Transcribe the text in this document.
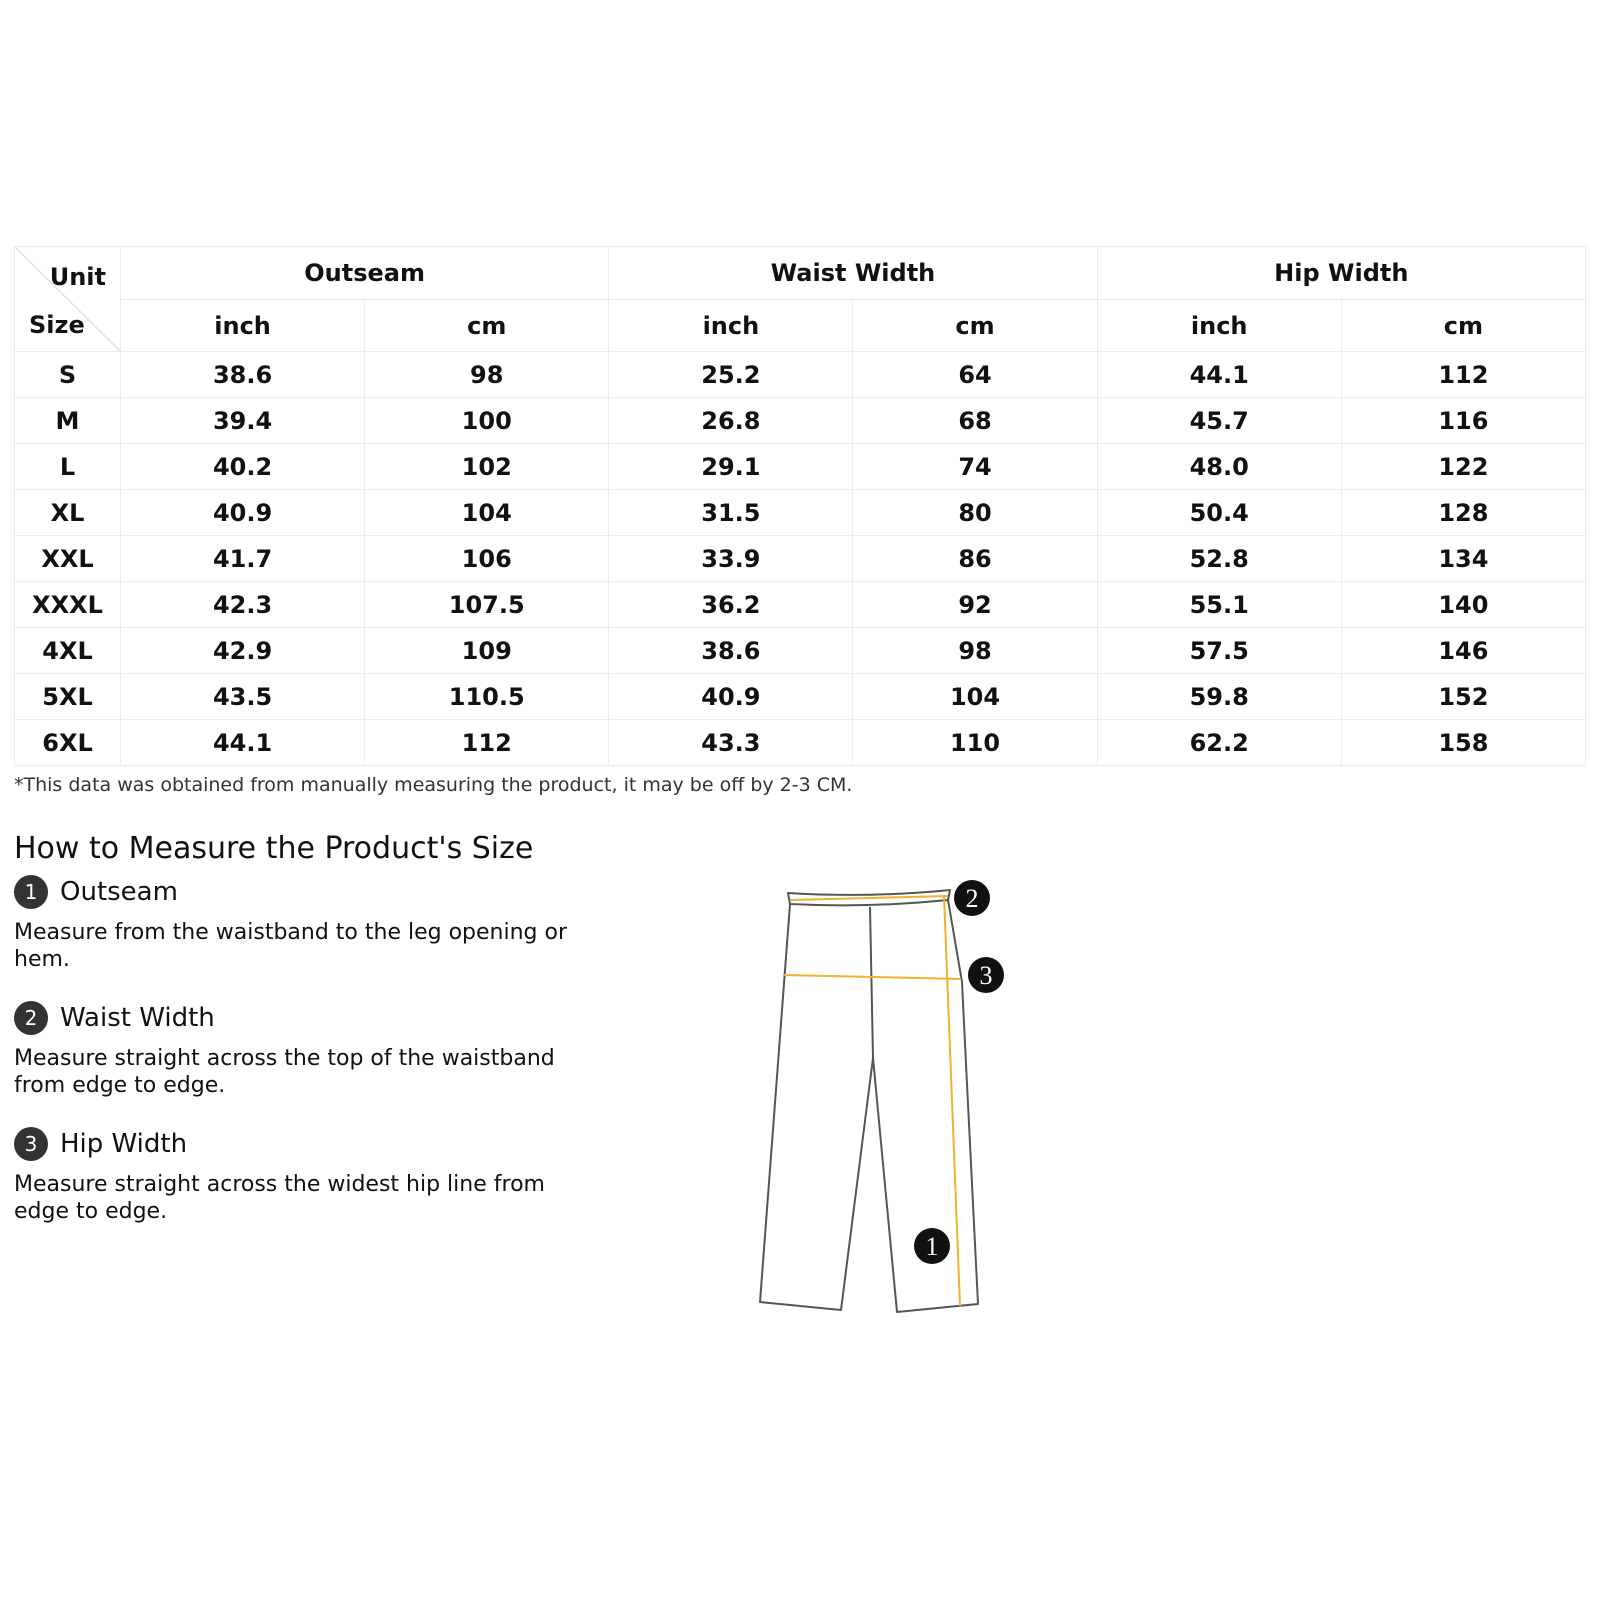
Unit
Size	Outseam		Waist Width		Hip Width	
	inch	cm	inch	cm	inch	cm
S	38.6	98	25.2	64	44.1	112
M	39.4	100	26.8	68	45.7	116
L	40.2	102	29.1	74	48.0	122
XL	40.9	104	31.5	80	50.4	128
XXL	41.7	106	33.9	86	52.8	134
XXXL	42.3	107.5	36.2	92	55.1	140
4XL	42.9	109	38.6	98	57.5	146
5XL	43.5	110.5	40.9	104	59.8	152
6XL	44.1	112	43.3	110	62.2	158
*This data was obtained from manually measuring the product, it may be off by 2-3 CM.
How to Measure the Product's Size
1 Outseam
Measure from the waistband to the leg opening or hem.
2 Waist Width
Measure straight across the top of the waistband from edge to edge.
3 Hip Width
Measure straight across the widest hip line from edge to edge.
2
3
1
